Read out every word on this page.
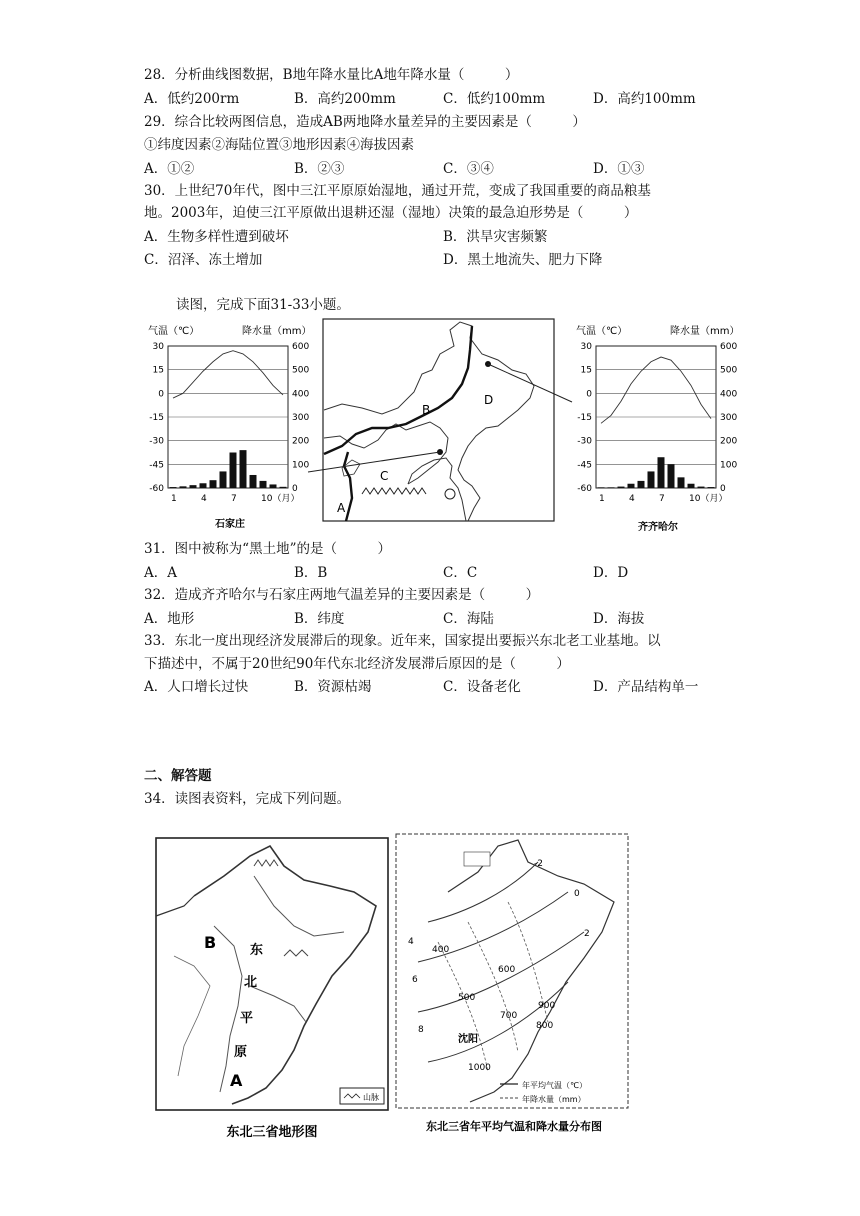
28．分析曲线图数据，B地年降水量比A地年降水量（　　　）
A．低约200rm	B．高约200mm	C．低约100mm	D．高约100mm
29．综合比较两图信息，造成AB两地降水量差异的主要因素是（　　　）
①纬度因素②海陆位置③地形因素④海拔因素
A．①②	B．②③	C．③④	D．①③
30．上世纪70年代，图中三江平原原始湿地，通过开荒，变成了我国重要的商品粮基
地。2003年，迫使三江平原做出退耕还湿（湿地）决策的最急迫形势是（　　　）
A．生物多样性遭到破坏	B．洪旱灾害频繁
C．沼泽、冻土增加	D．黑土地流失、肥力下降
读图，完成下面31-33小题。
气温（℃）	降水量（mm）
30
15
0
-15
-30
-45
-60
600
500
400
300
200
100
0
1	4	7	10（月）
石家庄
A
B
C
D
气温（℃）	降水量（mm）
30
15
0
-15
-30
-45
-60
600
500
400
300
200
100
0
1	4	7	10（月）
齐齐哈尔
31．图中被称为“黑土地”的是（　　　）
A．A	B．B	C．C	D．D
32．造成齐齐哈尔与石家庄两地气温差异的主要因素是（　　　）
A．地形	B．纬度	C．海陆	D．海拔
33．东北一度出现经济发展滞后的现象。近年来，国家提出要振兴东北老工业基地。以
下描述中，不属于20世纪90年代东北经济发展滞后原因的是（　　　）
A．人口增长过快	B．资源枯竭	C．设备老化	D．产品结构单一
二、解答题
34．读图表资料，完成下列问题。
B	东
北
平
原
A
山脉
东北三省地形图
-2
0
2
4
6
8
400
500
600
700
800
900
1000
沈阳
年平均气温（℃）
年降水量（mm）
东北三省年平均气温和降水量分布图
